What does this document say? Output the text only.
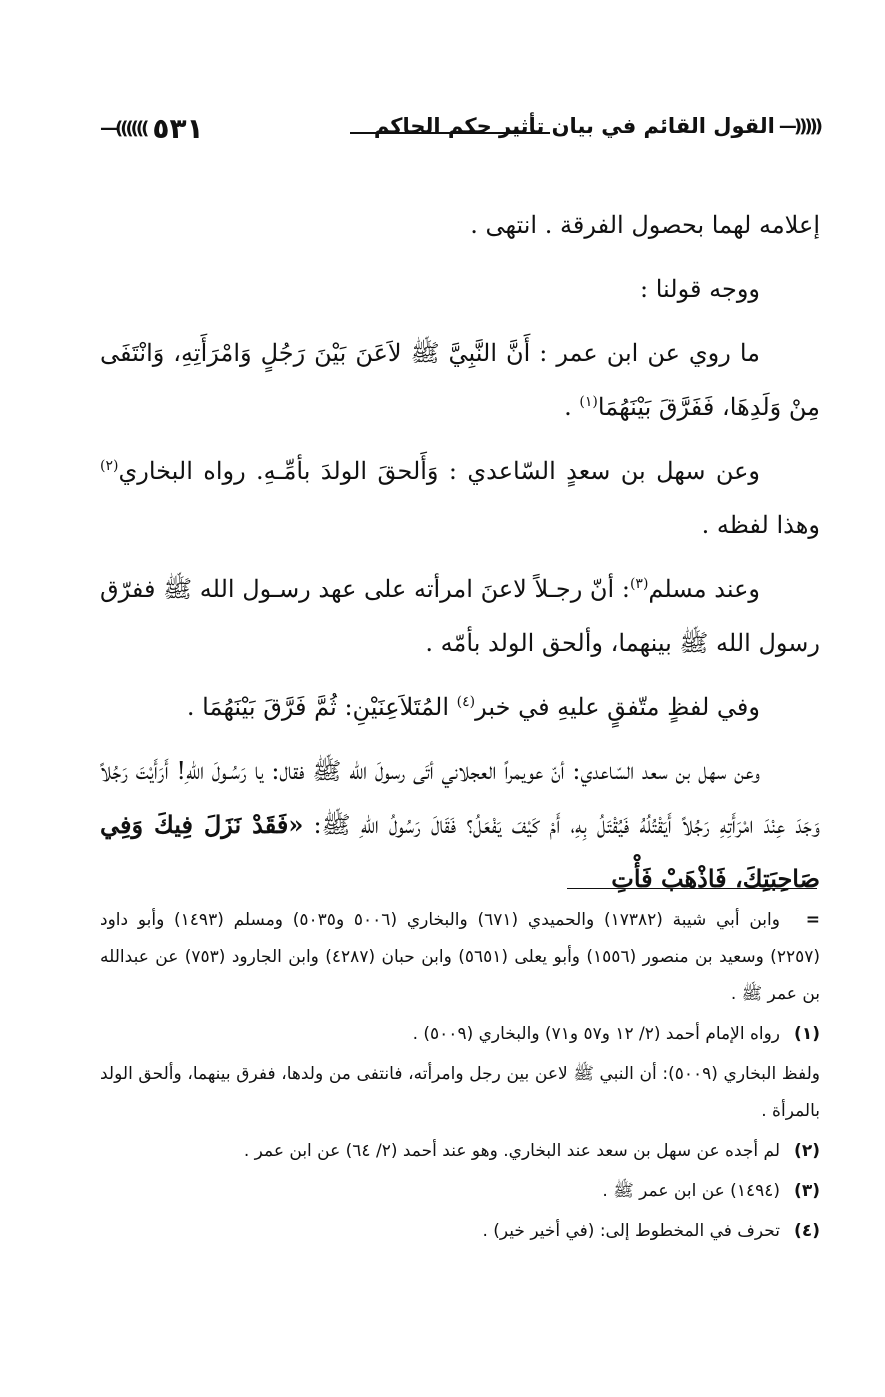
—(((((( ٥٣١	(((((—
القول القائم في بيان تأثير حكم الحاكم

إعلامه لهما بحصول الفرقة . انتهى .

ووجه قولنا :

ما روي عن ابن عمر : أَنَّ النَّبِيَّ ﷺ لاَعَنَ بَيْنَ رَجُلٍ وَامْرَأَتِهِ، وَانْتَفَى مِنْ وَلَدِهَا، فَفَرَّقَ بَيْنَهُمَا$^{(١)}$ .

وعن سهل بن سعدٍ السّاعدي : وَأَلحقَ الولدَ بأمِّـهِ. رواه البخاري$^{(٢)}$ وهذا لفظه .

وعند مسلم$^{(٣)}$: أنّ رجـلاً لاعنَ امرأته على عهد رسـول الله ﷺ ففرّق رسول الله ﷺ بينهما، وألحق الولد بأمّه .

وفي لفظٍ متّفقٍ عليهِ في خبر$^{(٤)}$ المُتَلاَعِنَيْنِ: ثُمَّ فَرَّقَ بَيْنَهُمَا .

وعن سهل بن سعد السّاعدي: أنّ عويمراً العجلاني أتَى رسولَ الله ﷺ فقال: يا رَسُـولَ اللهِ! أَرَأَيْتَ رَجُلاً وَجَدَ عِنْدَ امْرَأَتِهِ رَجُلاً أَيَقْتُلُهُ فَيُقْتَلُ بِهِ، أَمْ كَيْفَ يَفْعَلُ؟ فَقَالَ رَسُولُ اللهِ ﷺ: «فَقَدْ نَزَلَ فِيكَ وَفِي صَاحِبَتِكَ، فَاذْهَبْ فَأْتِ

=وابن أبي شيبة (١٧٣٨٢) والحميدي (٦٧١) والبخاري (٥٠٠٦ و٥٠٣٥) ومسلم (١٤٩٣) وأبو داود (٢٢٥٧) وسعيد بن منصور (١٥٥٦) وأبو يعلى (٥٦٥١) وابن حبان (٤٢٨٧) وابن الجارود (٧٥٣) عن عبدالله بن عمر ﷺ .

(١)رواه الإمام أحمد (٢/ ١٢ و٥٧ و٧١) والبخاري (٥٠٠٩) .

ولفظ البخاري (٥٠٠٩): أن النبي ﷺ لاعن بين رجل وامرأته، فانتفى من ولدها، ففرق بينهما، وألحق الولد بالمرأة .

(٢)لم أجده عن سهل بن سعد عند البخاري. وهو عند أحمد (٢/ ٦٤) عن ابن عمر .

(٣)(١٤٩٤) عن ابن عمر ﷺ .

(٤)تحرف في المخطوط إلى: (في أخير خير) .
